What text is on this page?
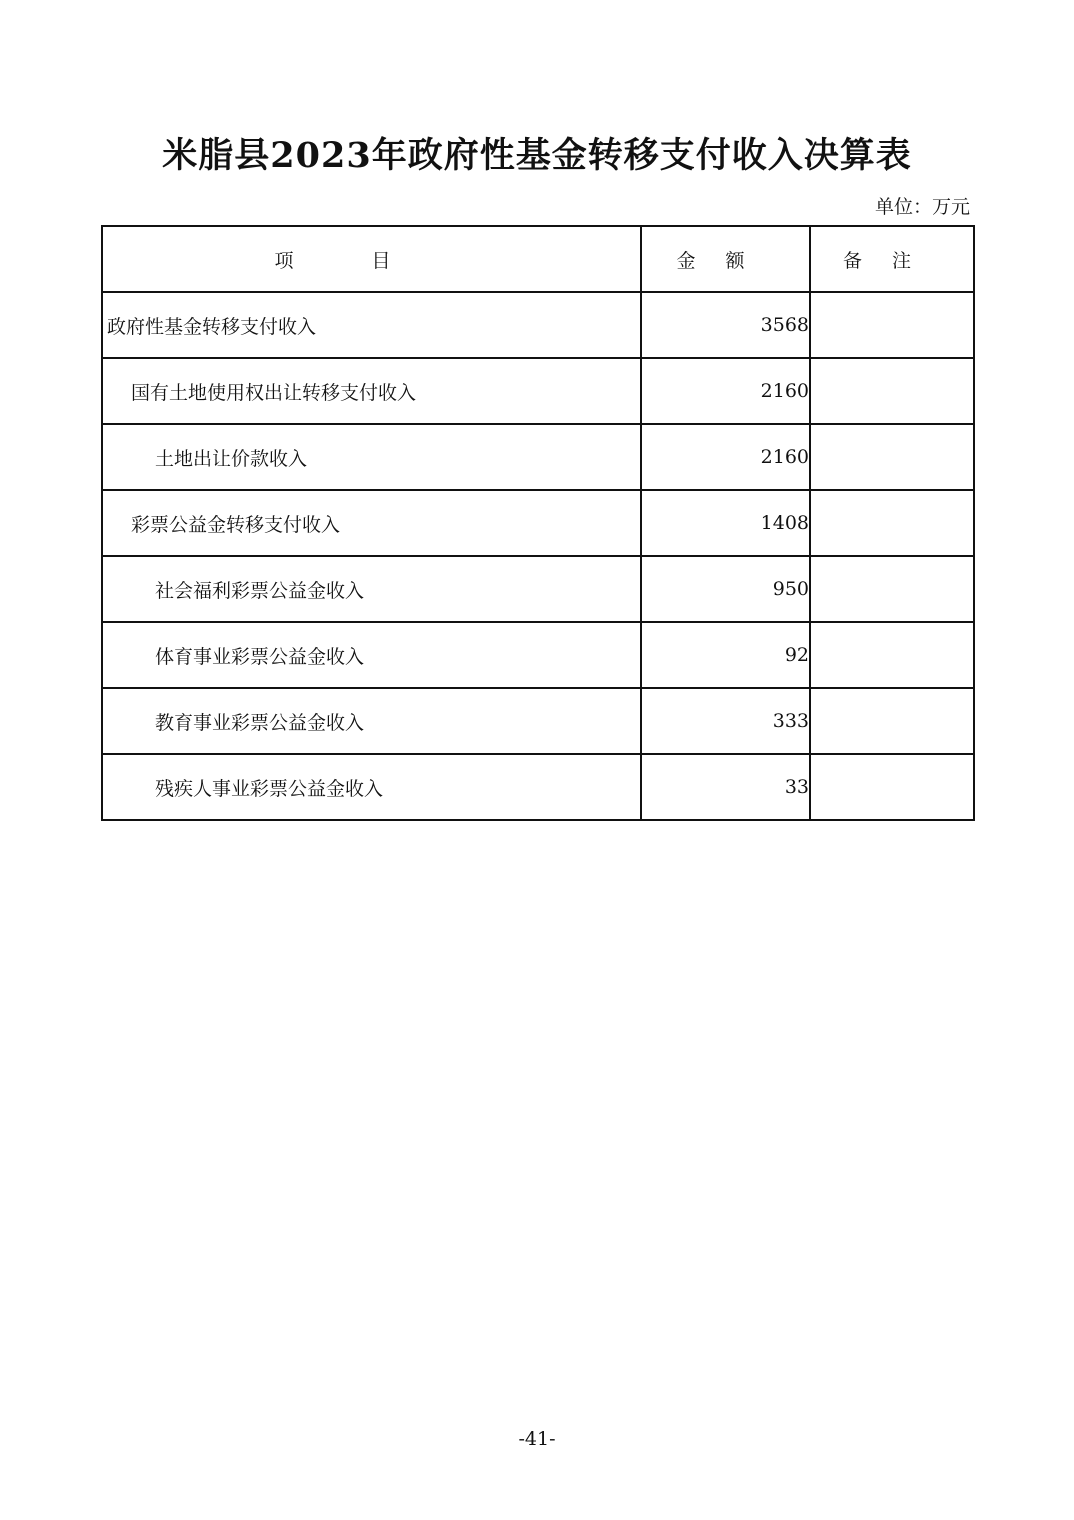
米脂县2023年政府性基金转移支付收入决算表
单位：万元
项目	金额	备注
政府性基金转移支付收入	3568	
国有土地使用权出让转移支付收入	2160	
土地出让价款收入	2160	
彩票公益金转移支付收入	1408	
社会福利彩票公益金收入	950	
体育事业彩票公益金收入	92	
教育事业彩票公益金收入	333	
残疾人事业彩票公益金收入	33	
-41-
